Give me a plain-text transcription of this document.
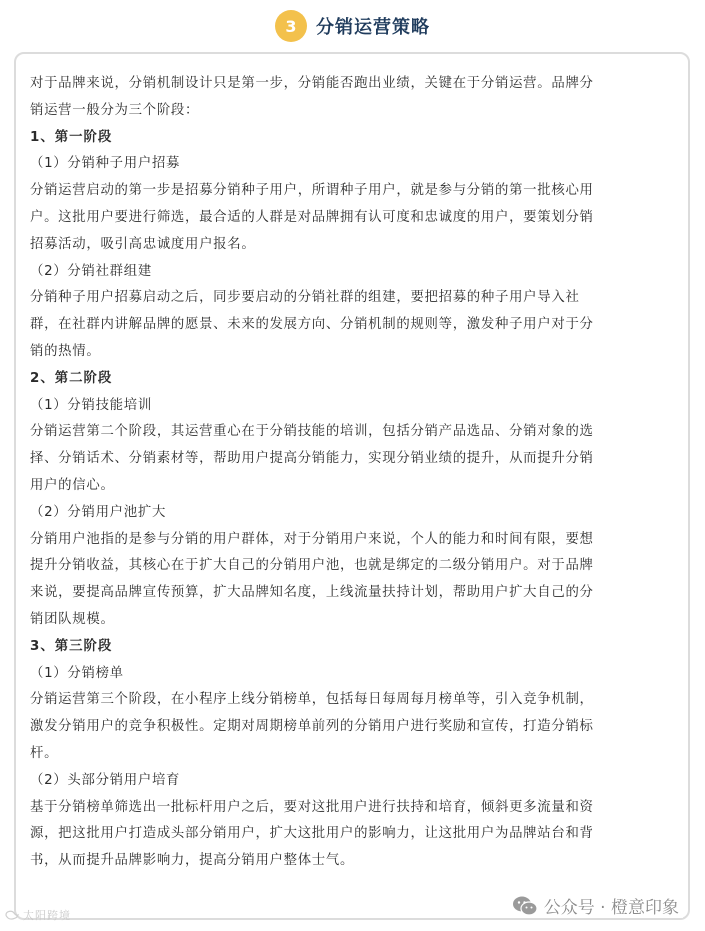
3	分销运营策略
对于品牌来说，分销机制设计只是第一步，分销能否跑出业绩，关键在于分销运营。品牌分
销运营一般分为三个阶段：
1、第一阶段
（1）分销种子用户招募
分销运营启动的第一步是招募分销种子用户，所谓种子用户，就是参与分销的第一批核心用
户。这批用户要进行筛选，最合适的人群是对品牌拥有认可度和忠诚度的用户，要策划分销
招募活动，吸引高忠诚度用户报名。
（2）分销社群组建
分销种子用户招募启动之后，同步要启动的分销社群的组建，要把招募的种子用户导入社
群，在社群内讲解品牌的愿景、未来的发展方向、分销机制的规则等，激发种子用户对于分
销的热情。
2、第二阶段
（1）分销技能培训
分销运营第二个阶段，其运营重心在于分销技能的培训，包括分销产品选品、分销对象的选
择、分销话术、分销素材等，帮助用户提高分销能力，实现分销业绩的提升，从而提升分销
用户的信心。
（2）分销用户池扩大
分销用户池指的是参与分销的用户群体，对于分销用户来说，个人的能力和时间有限，要想
提升分销收益，其核心在于扩大自己的分销用户池，也就是绑定的二级分销用户。对于品牌
来说，要提高品牌宣传预算，扩大品牌知名度，上线流量扶持计划，帮助用户扩大自己的分
销团队规模。
3、第三阶段
（1）分销榜单
分销运营第三个阶段，在小程序上线分销榜单，包括每日每周每月榜单等，引入竞争机制，
激发分销用户的竞争积极性。定期对周期榜单前列的分销用户进行奖励和宣传，打造分销标
杆。
（2）头部分销用户培育
基于分销榜单筛选出一批标杆用户之后，要对这批用户进行扶持和培育，倾斜更多流量和资
源，把这批用户打造成头部分销用户，扩大这批用户的影响力，让这批用户为品牌站台和背
书，从而提升品牌影响力，提高分销用户整体士气。
太阳跨境	公众号 · 橙意印象
